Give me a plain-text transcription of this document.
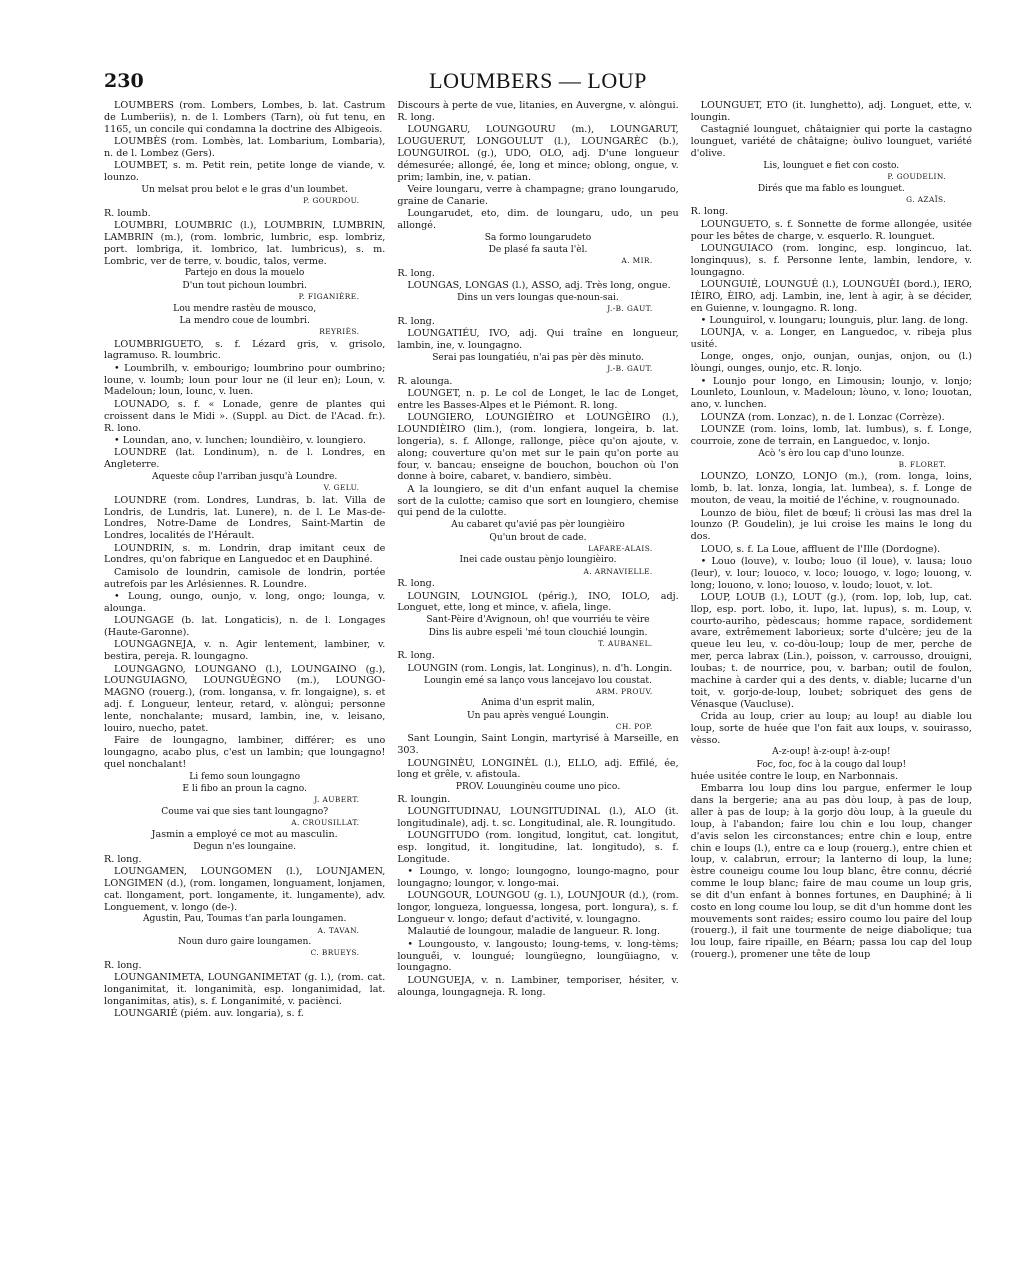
230	LOUMBERS — LOUP

LOUMBERS (rom. Lombers, Lombes, b. lat. Castrum de Lumberiis), n. de l. Lombers (Tarn), où fut tenu, en 1165, un concile qui condamna la doctrine des Albigeois.

LOUMBÈS (rom. Lombès, lat. Lombarium, Lombaria), n. de l. Lombez (Gers).

LOUMBET, s. m. Petit rein, petite longe de viande, v. lounzo.

Un melsat prou belot e le gras d'un loumbet.

P. GOURDOU.

R. loumb.

LOUMBRI, LOUMBRIC (l.), LOUMBRIN, LUMBRIN, LAMBRIN (m.), (rom. lombric, lumbric, esp. lombriz, port. lombriga, it. lombrico, lat. lumbricus), s. m. Lombric, ver de terre, v. boudic, talos, verme.

Partejo en dous la mouelo

D'un tout pichoun loumbri.

P. FIGANIÈRE.

Lou mendre rastèu de mousco,

La mendro coue de loumbri.

REYRIÈS.

LOUMBRIGUETO, s. f. Lézard gris, v. grisolo, lagramuso. R. loumbric.

• Loumbrilh, v. embourigo; loumbrino pour oumbrino; loune, v. loumb; loun pour lour ne (il leur en); Loun, v. Madeloun; loun, lounc, v. luen.

LOUNADO, s. f. « Lonade, genre de plantes qui croissent dans le Midi ». (Suppl. au Dict. de l'Acad. fr.). R. lono.

• Loundan, ano, v. lunchen; loundièiro, v. loungiero.

LOUNDRE (lat. Londinum), n. de l. Londres, en Angleterre.

Aqueste côup l'arriban jusqu'à Loundre.

V. GELU.

LOUNDRE (rom. Londres, Lundras, b. lat. Villa de Londris, de Lundris, lat. Lunere), n. de l. Le Mas-de-Londres, Notre-Dame de Londres, Saint-Martin de Londres, localités de l'Hérault.

LOUNDRIN, s. m. Londrin, drap imitant ceux de Londres, qu'on fabrique en Languedoc et en Dauphiné.

Camisolo de loundrin, camisole de londrin, portée autrefois par les Arlésiennes. R. Loundre.

• Loung, oungo, ounjo, v. long, ongo; lounga, v. alounga.

LOUNGAGE (b. lat. Longaticis), n. de l. Longages (Haute-Garonne).

LOUNGAGNEJA, v. n. Agir lentement, lambiner, v. bestira, pereja. R. loungagno.

LOUNGAGNO, LOUNGANO (l.), LOUNGAINO (g.), LOUNGUIAGNO, LOUNGUÈGNO (m.), LOUNGO-MAGNO (rouerg.), (rom. longansa, v. fr. longaigne), s. et adj. f. Longueur, lenteur, retard, v. alòngui; personne lente, nonchalante; musard, lambin, ine, v. leisano, louiro, nuecho, patet.

Faire de loungagno, lambiner, différer; es uno loungagno, acabo plus, c'est un lambin; que loungagno! quel nonchalant!

Li femo soun loungagno

E li fibo an proun la cagno.

J. AUBERT.

Coume vai que sies tant loungagno?

A. CROUSILLAT.

Jasmin a employé ce mot au masculin.

Degun n'es loungaine.

R. long.

LOUNGAMEN, LOUNGOMEN (l.), LOUNJAMEN, LONGIMEN (d.), (rom. longamen, longuament, lonjamen, cat. llongament, port. longamente, it. lungamente), adv. Longuement, v. longo (de-).

Agustin, Pau, Toumas t'an parla loungamen.

A. TAVAN.

Noun duro gaire loungamen.

C. BRUEYS.

R. long.

LOUNGANIMETA, LOUNGANIMETAT (g. l.), (rom. cat. longanimitat, it. longanimità, esp. longanimidad, lat. longanimitas, atis), s. f. Longanimité, v. paciènci.

LOUNGARIÉ (piém. auv. longaria), s. f.

Discours à perte de vue, litanies, en Auvergne, v. alòngui. R. long.

LOUNGARU, LOUNGOURU (m.), LOUNGARUT, LOUGUERUT, LONGOULUT (l.), LOUNGARÈC (b.), LOUNGUIROL (g.), UDO, OLO, adj. D'une longueur démesurée; allongé, ée, long et mince; oblong, ongue, v. prim; lambin, ine, v. patian.

Veire loungaru, verre à champagne; grano loungarudo, graine de Canarie.

Loungarudet, eto, dim. de loungaru, udo, un peu allongé.

Sa formo loungarudeto

De plasé fa sauta l'èl.

A. MIR.

R. long.

LOUNGAS, LONGAS (l.), ASSO, adj. Très long, ongue.

Dins un vers loungas que-noun-sai.

J.-B. GAUT.

R. long.

LOUNGATIÉU, IVO, adj. Qui traîne en longueur, lambin, ine, v. loungagno.

Serai pas loungatiéu, n'ai pas pèr dès minuto.

J.-B. GAUT.

R. alounga.

LOUNGET, n. p. Le col de Longet, le lac de Longet, entre les Basses-Alpes et le Piémont. R. long.

LOUNGIERO, LOUNGIÈIRO et LOUNGÈIRO (l.), LOUNDIÈIRO (lim.), (rom. longiera, longeira, b. lat. longeria), s. f. Allonge, rallonge, pièce qu'on ajoute, v. along; couverture qu'on met sur le pain qu'on porte au four, v. bancau; enseigne de bouchon, bouchon où l'on donne à boire, cabaret, v. bandiero, simbèu.

A la loungiero, se dit d'un enfant auquel la chemise sort de la culotte; camiso que sort en loungiero, chemise qui pend de la culotte.

Au cabaret qu'avié pas pèr loungièiro

Qu'un brout de cade.

LAFARE-ALAIS.

Inei cade oustau pènjo loungièiro.

A. ARNAVIELLE.

R. long.

LOUNGIN, LOUNGIOL (périg.), INO, IOLO, adj. Longuet, ette, long et mince, v. afiela, linge.

Sant-Pèire d'Avignoun, oh! que vourriéu te vèire

Dins lis aubre espeli 'mé toun clouchié loungin.

T. AUBANEL.

R. long.

LOUNGIN (rom. Longis, lat. Longinus), n. d'h. Longin.

Loungin emé sa lanço vous lancejavo lou coustat.

ARM. PROUV.

Anima d'un esprit malin,

Un pau après vengué Loungin.

CH. POP.

Sant Loungin, Saint Longin, martyrisé à Marseille, en 303.

LOUNGINÈU, LONGINÈL (l.), ELLO, adj. Effilé, ée, long et grêle, v. afistoula.

PROV. Louunginèu coume uno pico.

R. loungin.

LOUNGITUDINAU, LOUNGITUDINAL (l.), ALO (it. longitudinale), adj. t. sc. Longitudinal, ale. R. loungitudo.

LOUNGITUDO (rom. longitud, longitut, cat. longitut, esp. longitud, it. longitudine, lat. longitudo), s. f. Longitude.

• Loungo, v. longo; loungogno, loungo-magno, pour loungagno; loungor, v. longo-mai.

LOUNGOUR, LOUNGOU (g. l.), LOUNJOUR (d.), (rom. longor, longueza, longuessa, longesa, port. longura), s. f. Longueur v. longo; defaut d'activité, v. loungagno.

Malautié de loungour, maladie de langueur. R. long.

• Loungousto, v. langousto; loung-tems, v. long-tèms; loungue̋i, v. loungué; loungüegno, loungüiagno, v. loungagno.

LOUNGUEJA, v. n. Lambiner, temporiser, hésiter, v. alounga, loungagneja. R. long.

LOUNGUET, ETO (it. lunghetto), adj. Longuet, ette, v. loungin.

Castagnié lounguet, châtaignier qui porte la castagno lounguet, variété de châtaigne; òulivo lounguet, variété d'olive.

Lis, lounguet e fiet con costo.

P. GOUDELIN.

Dirés que ma fablo es lounguet.

G. AZAÏS.

R. long.

LOUNGUETO, s. f. Sonnette de forme allongée, usitée pour les bêtes de charge, v. esquerlo. R. lounguet.

LOUNGUIACO (rom. longinc, esp. longincuo, lat. longinquus), s. f. Personne lente, lambin, lendore, v. loungagno.

LOUNGUIÉ, LOUNGUÉ (l.), LOUNGUÈI (bord.), IERO, IÈIRO, ÈIRO, adj. Lambin, ine, lent à agir, à se décider, en Guienne, v. loungagno. R. long.

• Lounguirol, v. loungaru; lounguis, plur. lang. de long.

LOUNJA, v. a. Longer, en Languedoc, v. ribeja plus usité.

Longe, onges, onjo, ounjan, ounjas, onjon, ou (l.) lòungi, ounges, ounjo, etc. R. lonjo.

• Lounjo pour longo, en Limousin; lounjo, v. lonjo; Lounleto, Lounloun, v. Madeloun; lòuno, v. lono; louotan, ano, v. lunchen.

LOUNZA (rom. Lonzac), n. de l. Lonzac (Corrèze).

LOUNZE (rom. loins, lomb, lat. lumbus), s. f. Longe, courroie, zone de terrain, en Languedoc, v. lonjo.

Acò 's èro lou cap d'uno lounze.

B. FLORET.

LOUNZO, LONZO, LONJO (m.), (rom. longa, loins, lomb, b. lat. lonza, longia, lat. lumbea), s. f. Longe de mouton, de veau, la moitié de l'échine, v. rougnounado.

Lounzo de biòu, filet de bœuf; li cròusi las mas drel la lounzo (P. Goudelin), je lui croise les mains le long du dos.

LOUO, s. f. La Loue, affluent de l'Ille (Dordogne).

• Louo (louve), v. loubo; louo (il loue), v. lausa; louo (leur), v. lour; louoco, v. loco; louogo, v. logo; louong, v. long; louono, v. lono; louoso, v. loudo; louot, v. lot.

LOUP, LOUB (l.), LOUT (g.), (rom. lop, lob, lup, cat. llop, esp. port. lobo, it. lupo, lat. lupus), s. m. Loup, v. courto-auriho, pèdescaus; homme rapace, sordidement avare, extrêmement laborieux; sorte d'ulcère; jeu de la queue leu leu, v. co-dòu-loup; loup de mer, perche de mer, perca labrax (Lin.), poisson, v. carrousso, drouigni, loubas; t. de nourrice, pou, v. barban; outil de foulon, machine à carder qui a des dents, v. diable; lucarne d'un toit, v. gorjo-de-loup, loubet; sobriquet des gens de Vénasque (Vaucluse).

Crida au loup, crier au loup; au loup! au diable lou loup, sorte de huée que l'on fait aux loups, v. souirasso, vèsso.

A-z-oup! à-z-oup! à-z-oup!

Foc, foc, foc à la cougo dal loup!

huée usitée contre le loup, en Narbonnais.

Embarra lou loup dins lou pargue, enfermer le loup dans la bergerie; ana au pas dòu loup, à pas de loup, aller à pas de loup; à la gorjo dòu loup, à la gueule du loup, à l'abandon; faire lou chin e lou loup, changer d'avis selon les circonstances; entre chin e loup, entre chin e loups (l.), entre ca e loup (rouerg.), entre chien et loup, v. calabrun, errour; la lanterno di loup, la lune; èstre couneigu coume lou loup blanc, être connu, décrié comme le loup blanc; faire de mau coume un loup gris, se dit d'un enfant à bonnes fortunes, en Dauphiné; à li costo en long coume lou loup, se dit d'un homme dont les mouvements sont raides; essiro coumo lou paire del loup (rouerg.), il fait une tourmente de neige diabolique; tua lou loup, faire ripaille, en Béarn; passa lou cap del loup (rouerg.), promener une tête de loup
